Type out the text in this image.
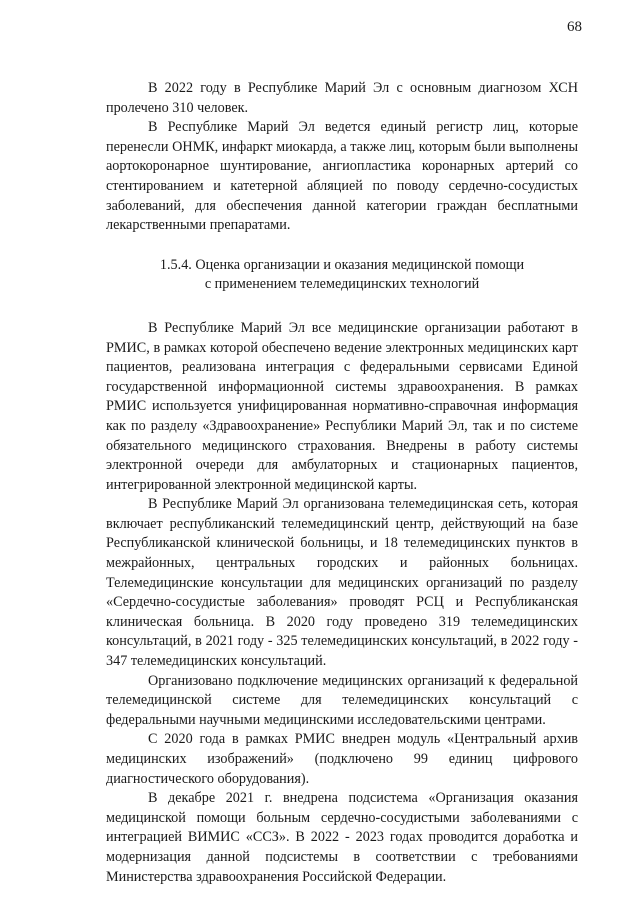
68

В 2022 году в Республике Марий Эл с основным диагнозом ХСН пролечено 310 человек.

В Республике Марий Эл ведется единый регистр лиц, которые перенесли ОНМК, инфаркт миокарда, а также лиц, которым были выполнены аортокоронарное шунтирование, ангиопластика коронарных артерий со стентированием и катетерной абляцией по поводу сердечно-сосудистых заболеваний, для обеспечения данной категории граждан бесплатными лекарственными препаратами.

1.5.4. Оценка организации и оказания медицинской помощи

с применением телемедицинских технологий

В Республике Марий Эл все медицинские организации работают в РМИС, в рамках которой обеспечено ведение электронных медицинских карт пациентов, реализована интеграция с федеральными сервисами Единой государственной информационной системы здравоохранения. В рамках РМИС используется унифицированная нормативно-справочная информация как по разделу «Здравоохранение» Республики Марий Эл, так и по системе обязательного медицинского страхования. Внедрены в работу системы электронной очереди для амбулаторных и стационарных пациентов, интегрированной электронной медицинской карты.

В Республике Марий Эл организована телемедицинская сеть, которая включает республиканский телемедицинский центр, действующий на базе Республиканской клинической больницы, и 18 телемедицинских пунктов в межрайонных, центральных городских и районных больницах. Телемедицинские консультации для медицинских организаций по разделу «Сердечно-сосудистые заболевания» проводят РСЦ и Республиканская клиническая больница. В 2020 году проведено 319 телемедицинских консультаций, в 2021 году - 325 телемедицинских консультаций, в 2022 году - 347 телемедицинских консультаций.

Организовано подключение медицинских организаций к федеральной телемедицинской системе для телемедицинских консультаций с федеральными научными медицинскими исследовательскими центрами.

С 2020 года в рамках РМИС внедрен модуль «Центральный архив медицинских изображений» (подключено 99 единиц цифрового диагностического оборудования).

В декабре 2021 г. внедрена подсистема «Организация оказания медицинской помощи больным сердечно-сосудистыми заболеваниями с интеграцией ВИМИС «ССЗ». В 2022 - 2023 годах проводится доработка и модернизация данной подсистемы в соответствии с требованиями Министерства здравоохранения Российской Федерации.
